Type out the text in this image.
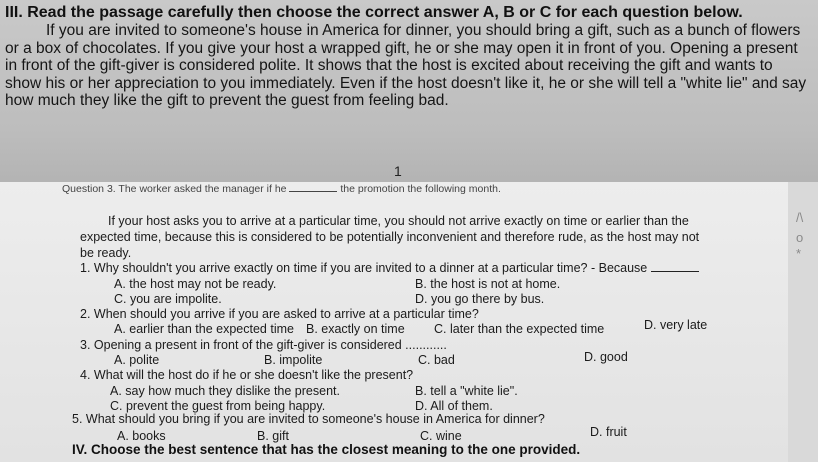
III. Read the passage carefully then choose the correct answer A, B or C for each question below.
If you are invited to someone's house in America for dinner, you should bring a gift, such as a bunch of flowers or a box of chocolates. If you give your host a wrapped gift, he or she may open it in front of you. Opening a present in front of the gift-giver is considered polite. It shows that the host is excited about receiving the gift and wants to show his or her appreciation to you immediately. Even if the host doesn't like it, he or she will tell a "white lie" and say how much they like the gift to prevent the guest from feeling bad.
1
/\
o
*
Question 3. The worker asked the manager if he	the promotion the following month.
If your host asks you to arrive at a particular time, you should not arrive exactly on time or earlier than the
expected time, because this is considered to be potentially inconvenient and therefore rude, as the host may not
be ready.
1. Why shouldn't you arrive exactly on time if you are invited to a dinner at a particular time? - Because
A. the host may not be ready.	B. the host is not at home.
C. you are impolite.	D. you go there by bus.
2. When should you arrive if you are asked to arrive at a particular time?
A. earlier than the expected time B. exactly on time C. later than the expected time	D. very late
3. Opening a present in front of the gift-giver is considered ............
A. polite	B. impolite	C. bad	D. good
4. What will the host do if he or she doesn't like the present?
A. say how much they dislike the present.	B. tell a "white lie".
C. prevent the guest from being happy.	D. All of them.
5. What should you bring if you are invited to someone's house in America for dinner?
A. books	B. gift	C. wine	D. fruit
IV. Choose the best sentence that has the closest meaning to the one provided.
